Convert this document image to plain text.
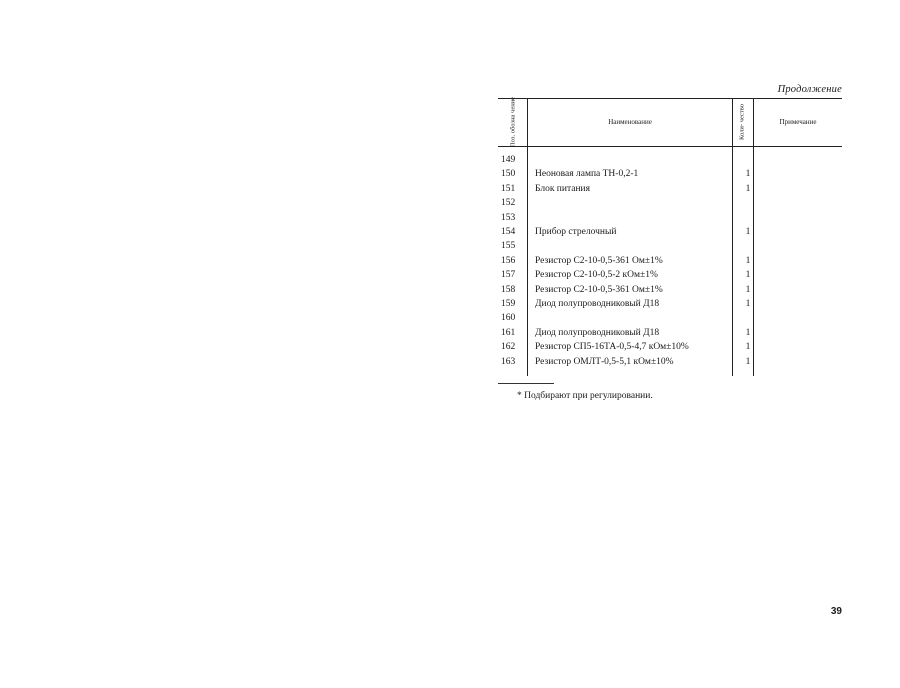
Продолжение
Поз. обозна чение	Наименование	Коли- чество	Примечание
149
150 Неоновая лампа ТН-0,2-1	1
151 Блок питания	1
152
153
154 Прибор стрелочный	1
155
156 Резистор С2-10-0,5-361 Ом±1%	1
157 Резистор С2-10-0,5-2 кОм±1%	1
158 Резистор С2-10-0,5-361 Ом±1%	1
159 Диод полупроводниковый Д18	1
160
161 Диод полупроводниковый Д18	1
162 Резистор СП5-16ТА-0,5-4,7 кОм±10%	1
163 Резистор ОМЛТ-0,5-5,1 кОм±10%	1
* Подбирают при регулировании.
39
